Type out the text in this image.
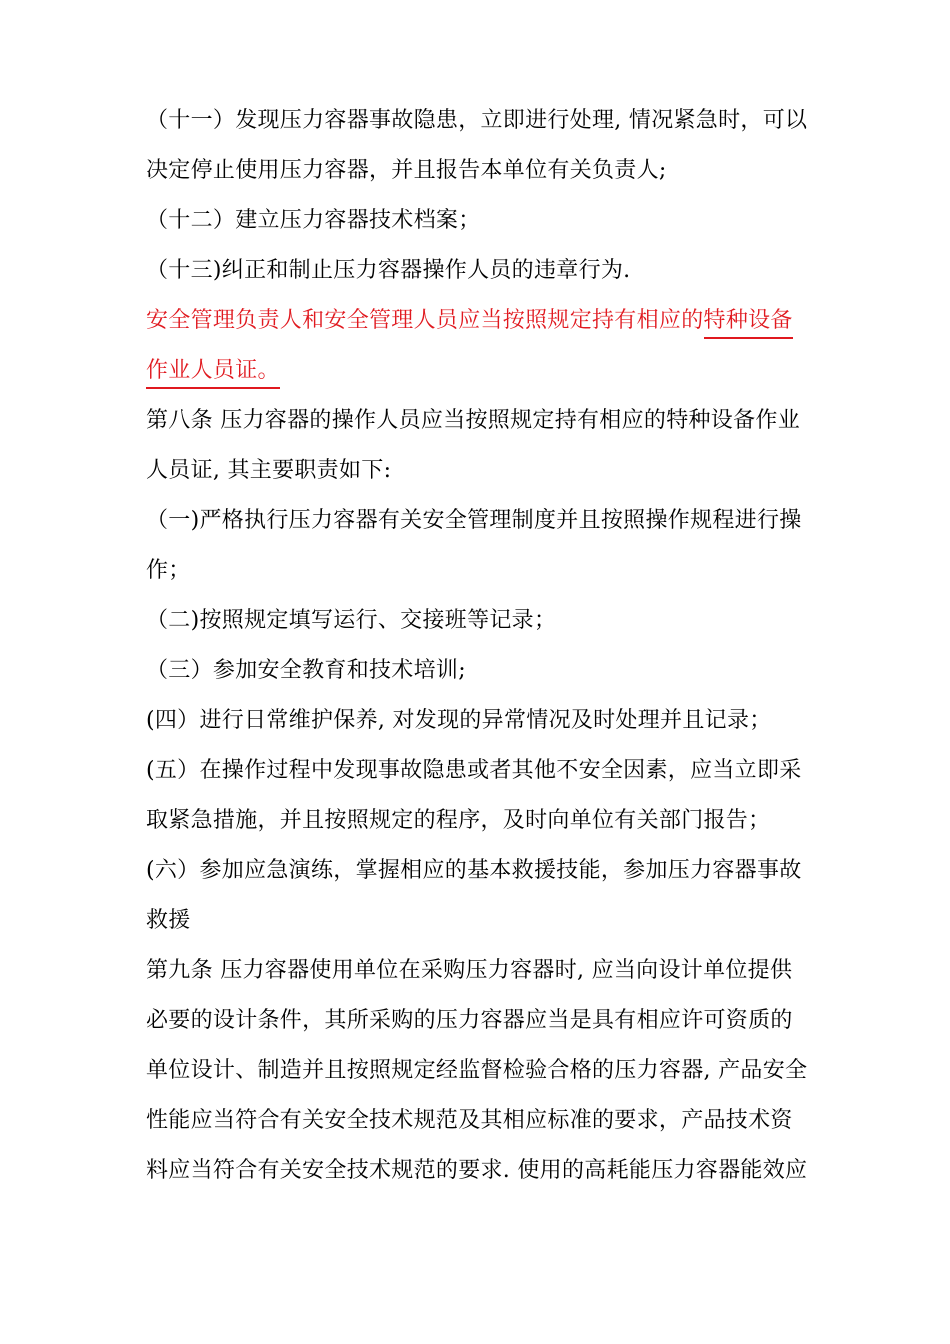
（十一）发现压力容器事故隐患，立即进行处理, 情况紧急时，可以
决定停止使用压力容器，并且报告本单位有关负责人;
（十二）建立压力容器技术档案；
（十三)纠正和制止压力容器操作人员的违章行为.
安全管理负责人和安全管理人员应当按照规定持有相应的特种设备
作业人员证。
第八条 压力容器的操作人员应当按照规定持有相应的特种设备作业
人员证, 其主要职责如下:
（一)严格执行压力容器有关安全管理制度并且按照操作规程进行操
作；
（二)按照规定填写运行、交接班等记录；
（三）参加安全教育和技术培训;
(四）进行日常维护保养, 对发现的异常情况及时处理并且记录；
(五）在操作过程中发现事故隐患或者其他不安全因素，应当立即采
取紧急措施，并且按照规定的程序，及时向单位有关部门报告；
(六）参加应急演练，掌握相应的基本救援技能，参加压力容器事故
救援
第九条 压力容器使用单位在采购压力容器时, 应当向设计单位提供
必要的设计条件，其所采购的压力容器应当是具有相应许可资质的
单位设计、制造并且按照规定经监督检验合格的压力容器, 产品安全
性能应当符合有关安全技术规范及其相应标准的要求，产品技术资
料应当符合有关安全技术规范的要求. 使用的高耗能压力容器能效应
